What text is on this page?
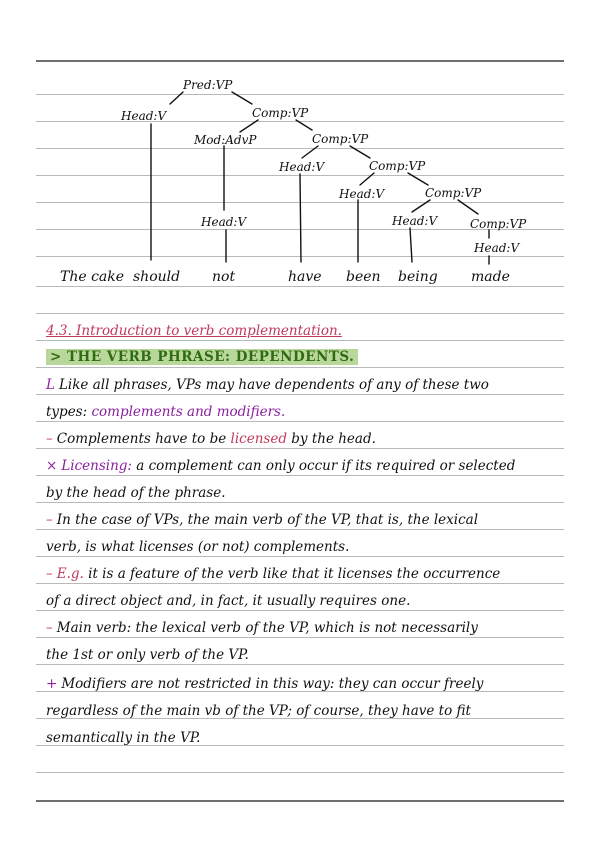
Pred:VP
Head:V	Comp:VP
Mod:AdvP	Comp:VP
Head:V
Head:V	Comp:VP
Head:V	Comp:VP
Head:V	Comp:VP
Head:V
The cake should not	have been being made
4.3. Introduction to verb complementation.
> THE VERB PHRASE: DEPENDENTS.
L Like all phrases, VPs may have dependents of any of these two
types: complements and modifiers.
– Complements have to be licensed by the head.
× Licensing: a complement can only occur if its required or selected
by the head of the phrase.
– In the case of VPs, the main verb of the VP, that is, the lexical
verb, is what licenses (or not) complements.
– E.g. it is a feature of the verb like that it licenses the occurrence
of a direct object and, in fact, it usually requires one.
– Main verb: the lexical verb of the VP, which is not necessarily
the 1st or only verb of the VP.
+ Modifiers are not restricted in this way: they can occur freely
regardless of the main vb of the VP; of course, they have to fit
semantically in the VP.
